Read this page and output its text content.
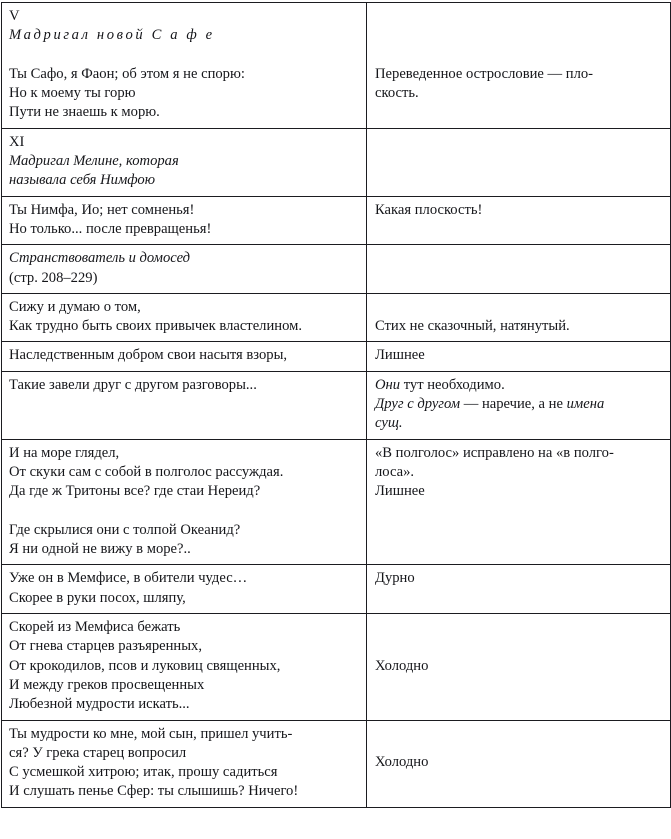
V
Мадригал новой С а ф е
Ты Сафо, я Фаон; об этом я не спорю:
Но к моему ты горю
Пути не знаешь к морю.	Переведенное острословие — пло-
скость.

XI
Мадригал Мелине, которая
называла себя Нимфою	

Ты Нимфа, Ио; нет сомненья!
Но только... после превращенья!	Какая плоскость!

Странствователь и домосед
(стр. 208–229)	

Сижу и думаю о том,
Как трудно быть своих привычек властелином.	Стих не сказочный, натянутый.

Наследственным добром свои насытя взоры,	Лишнее

Такие завели друг с другом разговоры...	Они тут необходимо.
Друг с другом — наречие, а не имена
сущ.

И на море глядел,
От скуки сам с собой в полголос рассуждая.
Да где ж Тритоны все? где стаи Нереид?
Где скрылися они с толпой Океанид?
Я ни одной не вижу в море?..	«В полголос» исправлено на «в полго-
лоса».
Лишнее

Уже он в Мемфисе, в обители чудес…
Скорее в руки посох, шляпу,	Дурно

Скорей из Мемфиса бежать
От гнева старцев разъяренных,
От крокодилов, псов и луковиц священных,
И между греков просвещенных
Любезной мудрости искать...	Холодно

Ты мудрости ко мне, мой сын, пришел учить-
ся? У грека старец вопросил
С усмешкой хитрою; итак, прошу садиться
И слушать пенье Сфер: ты слышишь? Ничего!	Холодно
